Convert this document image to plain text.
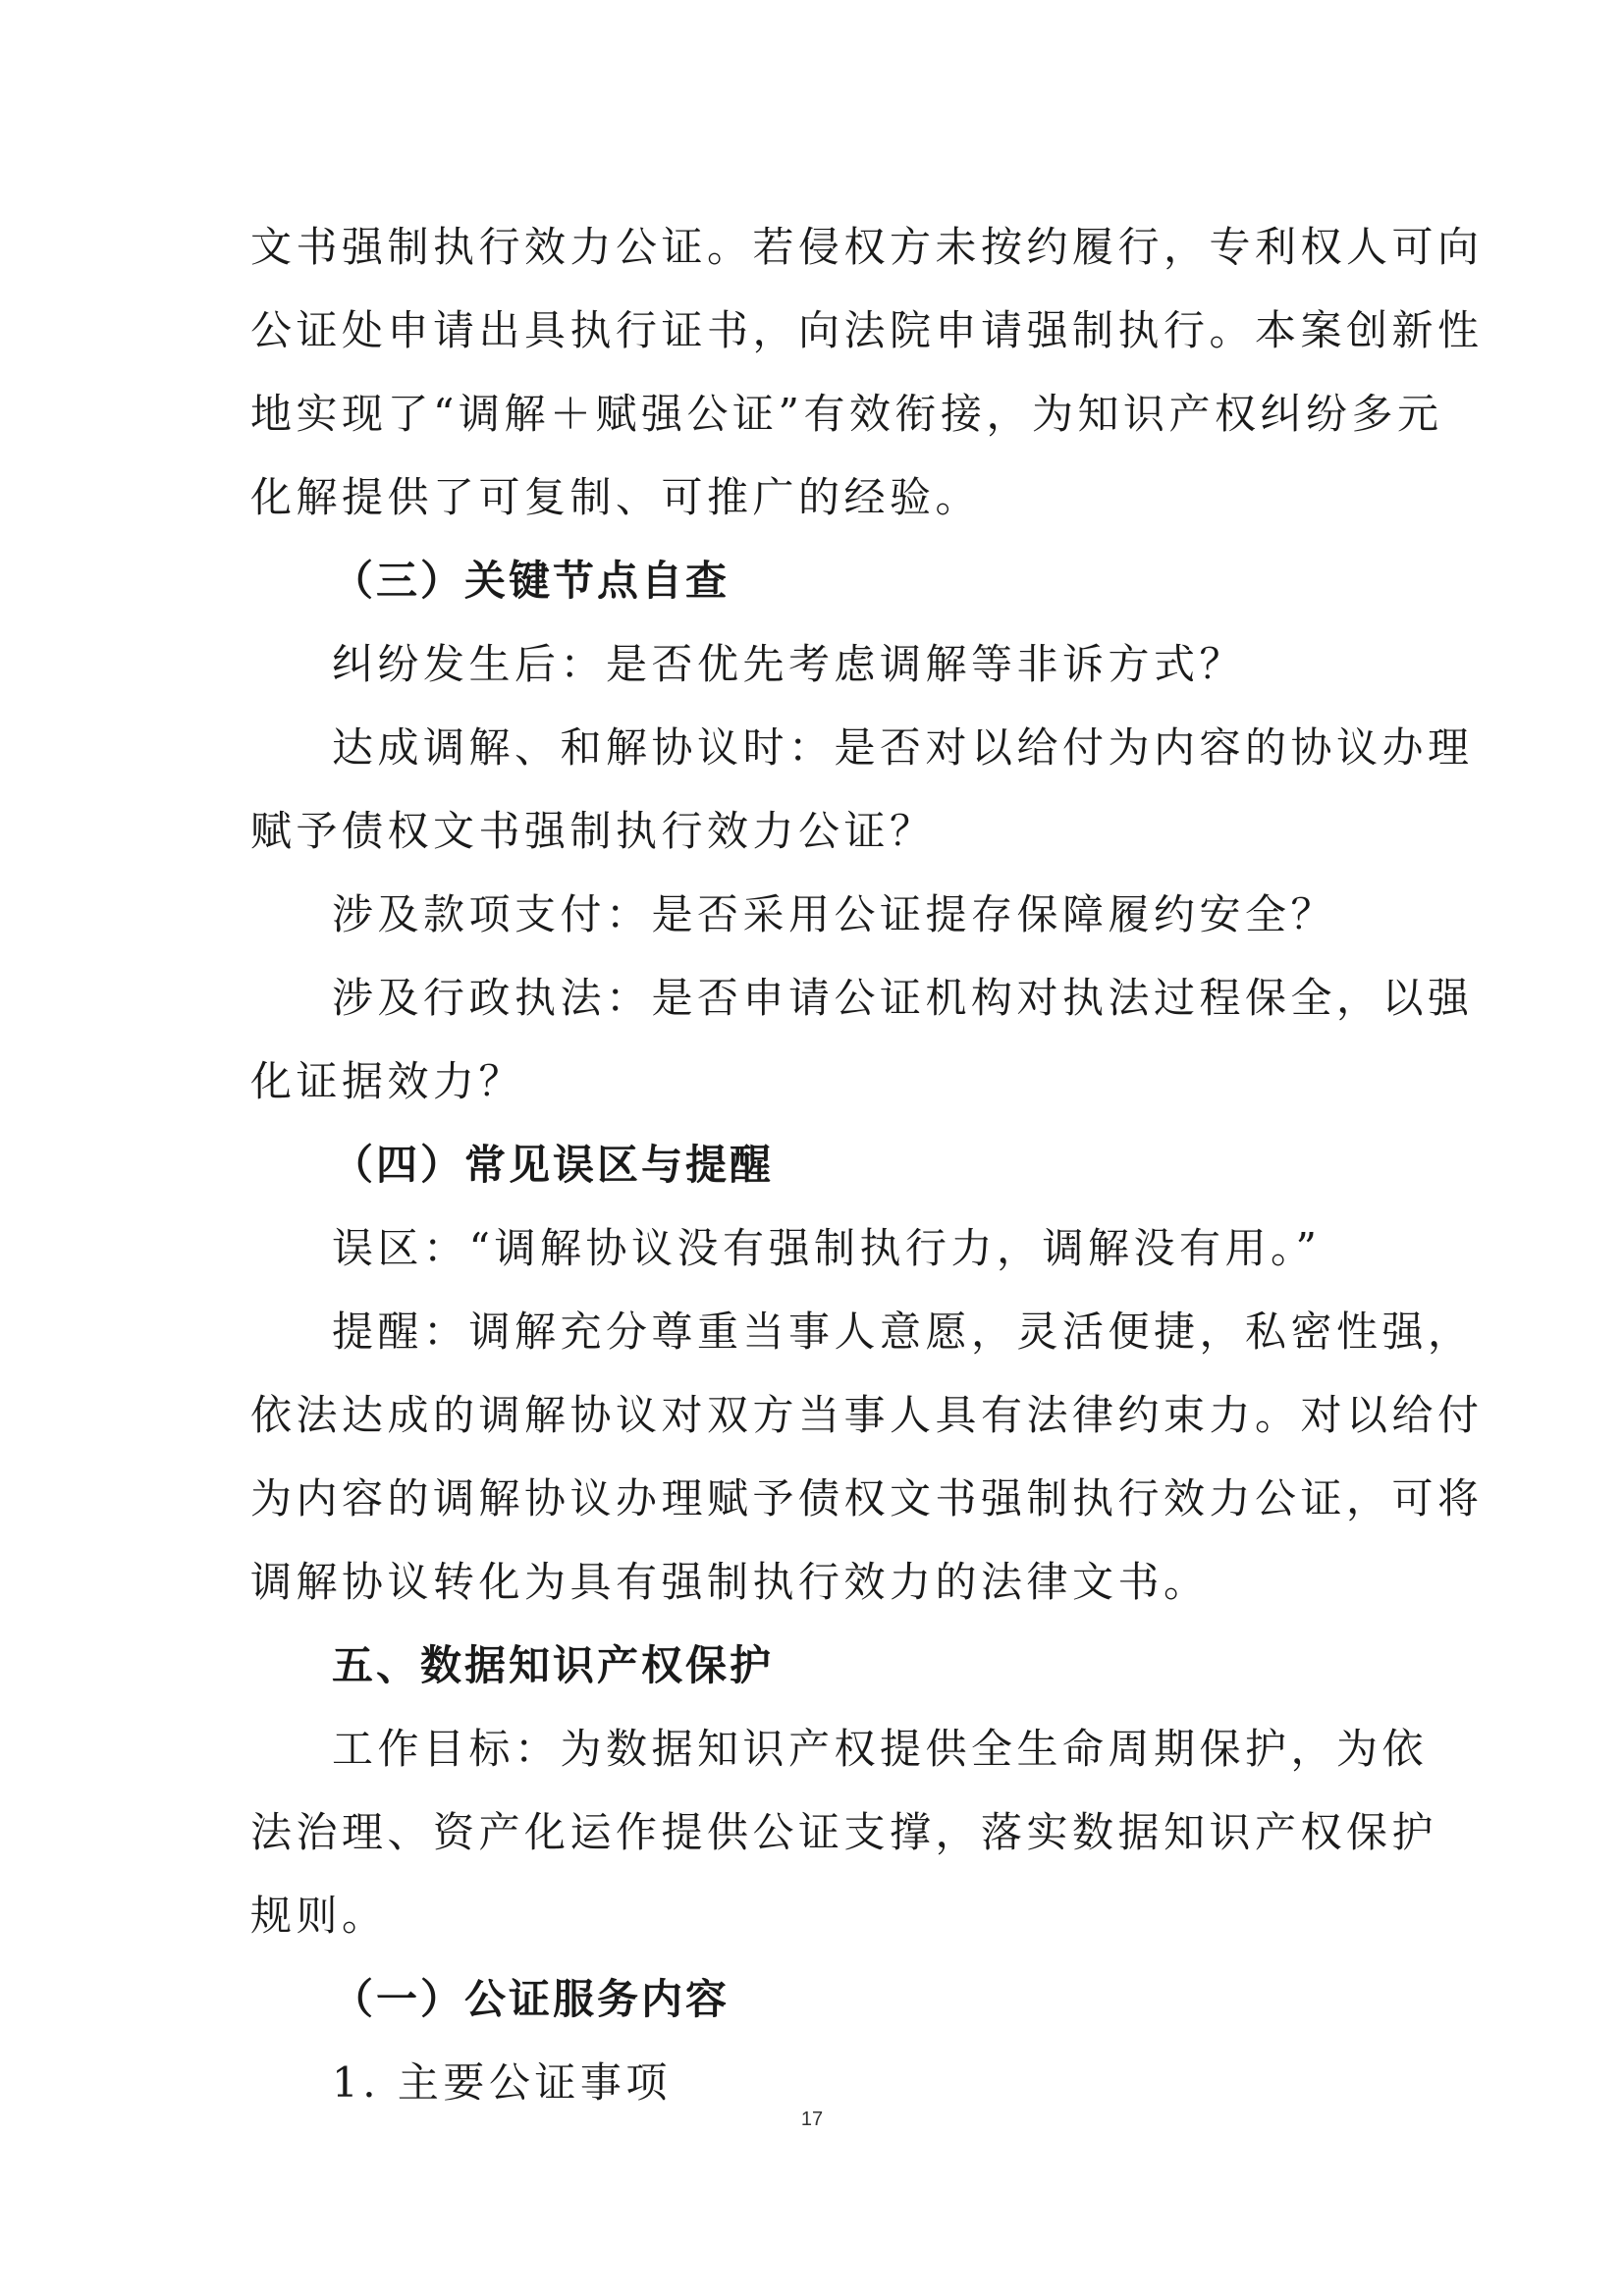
文书强制执行效力公证。若侵权方未按约履行，专利权人可向
公证处申请出具执行证书，向法院申请强制执行。本案创新性
地实现了“调解＋赋强公证”有效衔接，为知识产权纠纷多元
化解提供了可复制、可推广的经验。
（三）关键节点自查
纠纷发生后：是否优先考虑调解等非诉方式？
达成调解、和解协议时：是否对以给付为内容的协议办理
赋予债权文书强制执行效力公证？
涉及款项支付：是否采用公证提存保障履约安全？
涉及行政执法：是否申请公证机构对执法过程保全，以强
化证据效力？
（四）常见误区与提醒
误区：“调解协议没有强制执行力，调解没有用。”
提醒：调解充分尊重当事人意愿，灵活便捷，私密性强，
依法达成的调解协议对双方当事人具有法律约束力。对以给付
为内容的调解协议办理赋予债权文书强制执行效力公证，可将
调解协议转化为具有强制执行效力的法律文书。
五、数据知识产权保护
工作目标：为数据知识产权提供全生命周期保护，为依
法治理、资产化运作提供公证支撑，落实数据知识产权保护
规则。
（一）公证服务内容
1. 主要公证事项
17
